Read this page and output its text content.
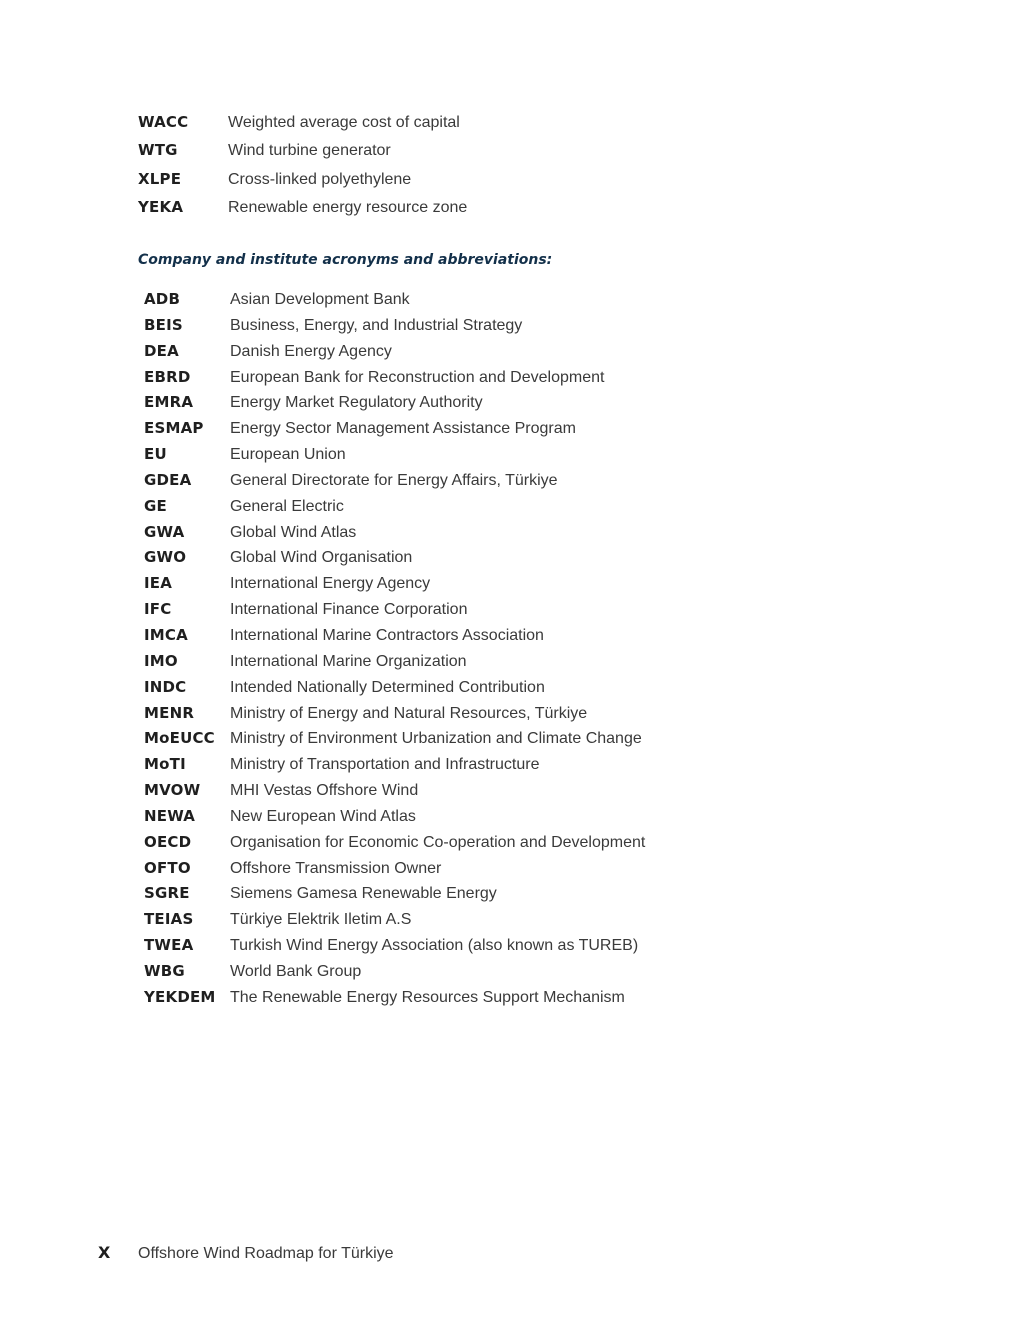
WACC	Weighted average cost of capital
WTG	Wind turbine generator
XLPE	Cross-linked polyethylene
YEKA	Renewable energy resource zone
Company and institute acronyms and abbreviations:
ADB	Asian Development Bank
BEIS	Business, Energy, and Industrial Strategy
DEA	Danish Energy Agency
EBRD	European Bank for Reconstruction and Development
EMRA	Energy Market Regulatory Authority
ESMAP	Energy Sector Management Assistance Program
EU	European Union
GDEA	General Directorate for Energy Affairs, Türkiye
GE	General Electric
GWA	Global Wind Atlas
GWO	Global Wind Organisation
IEA	International Energy Agency
IFC	International Finance Corporation
IMCA	International Marine Contractors Association
IMO	International Marine Organization
INDC	Intended Nationally Determined Contribution
MENR	Ministry of Energy and Natural Resources, Türkiye
MoEUCC Ministry of Environment Urbanization and Climate Change
MoTI	Ministry of Transportation and Infrastructure
MVOW	MHI Vestas Offshore Wind
NEWA	New European Wind Atlas
OECD	Organisation for Economic Co-operation and Development
OFTO	Offshore Transmission Owner
SGRE	Siemens Gamesa Renewable Energy
TEIAS	Türkiye Elektrik Iletim A.S
TWEA	Turkish Wind Energy Association (also known as TUREB)
WBG	World Bank Group
YEKDEM The Renewable Energy Resources Support Mechanism
X	Offshore Wind Roadmap for Türkiye
